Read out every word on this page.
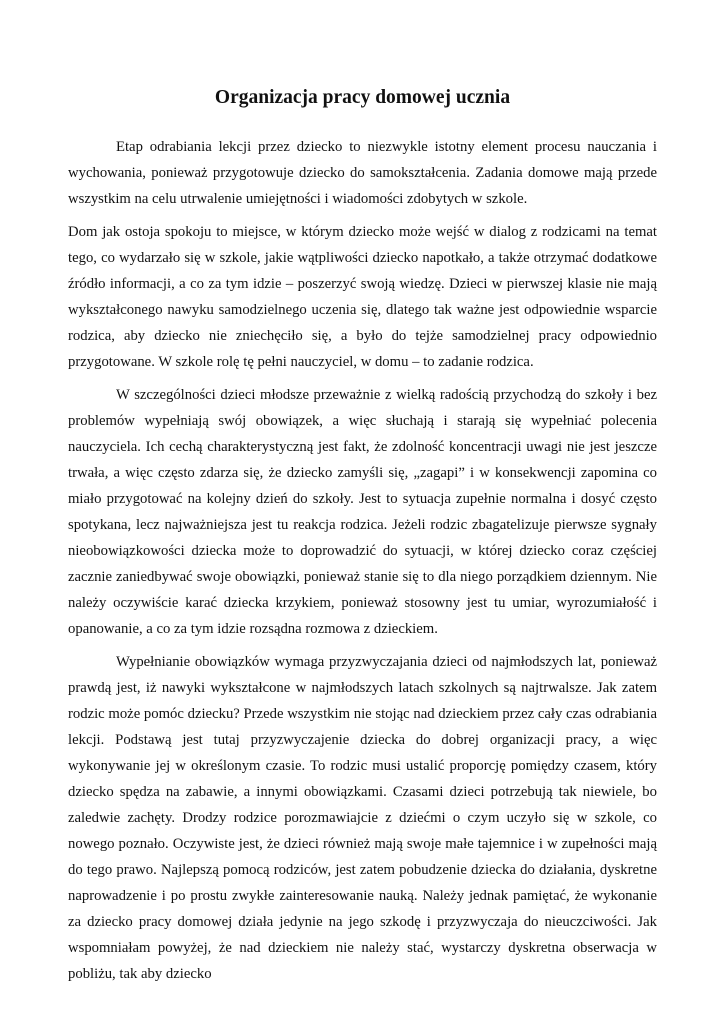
Organizacja pracy domowej ucznia

Etap odrabiania lekcji przez dziecko to niezwykle istotny element procesu nauczania i wychowania, ponieważ przygotowuje dziecko do samokształcenia. Zadania domowe mają przede wszystkim na celu utrwalenie umiejętności i wiadomości zdobytych w szkole.

Dom jak ostoja spokoju to miejsce, w którym dziecko może wejść w dialog z rodzicami na temat tego, co wydarzało się w szkole, jakie wątpliwości dziecko napotkało, a także otrzymać dodatkowe źródło informacji, a co za tym idzie – poszerzyć swoją wiedzę. Dzieci w pierwszej klasie nie mają wykształconego nawyku samodzielnego uczenia się, dlatego tak ważne jest odpowiednie wsparcie rodzica, aby dziecko nie zniechęciło się, a było do tejże samodzielnej pracy odpowiednio przygotowane. W szkole rolę tę pełni nauczyciel, w domu – to zadanie rodzica.

W szczególności dzieci młodsze przeważnie z wielką radością przychodzą do szkoły i bez problemów wypełniają swój obowiązek, a więc słuchają i starają się wypełniać polecenia nauczyciela. Ich cechą charakterystyczną jest fakt, że zdolność koncentracji uwagi nie jest jeszcze trwała, a więc często zdarza się, że dziecko zamyśli się, „zagapi” i w konsekwencji zapomina co miało przygotować na kolejny dzień do szkoły. Jest to sytuacja zupełnie normalna i dosyć często spotykana, lecz najważniejsza jest tu reakcja rodzica. Jeżeli rodzic zbagatelizuje pierwsze sygnały nieobowiązkowości dziecka może to doprowadzić do sytuacji, w której dziecko coraz częściej zacznie zaniedbywać swoje obowiązki, ponieważ stanie się to dla niego porządkiem dziennym. Nie należy oczywiście karać dziecka krzykiem, ponieważ stosowny jest tu umiar, wyrozumiałość i opanowanie, a co za tym idzie rozsądna rozmowa z dzieckiem.

Wypełnianie obowiązków wymaga przyzwyczajania dzieci od najmłodszych lat, ponieważ prawdą jest, iż nawyki wykształcone w najmłodszych latach szkolnych są najtrwalsze. Jak zatem rodzic może pomóc dziecku? Przede wszystkim nie stojąc nad dzieckiem przez cały czas odrabiania lekcji. Podstawą jest tutaj przyzwyczajenie dziecka do dobrej organizacji pracy, a więc wykonywanie jej w określonym czasie. To rodzic musi ustalić proporcję pomiędzy czasem, który dziecko spędza na zabawie, a innymi obowiązkami. Czasami dzieci potrzebują tak niewiele, bo zaledwie zachęty. Drodzy rodzice porozmawiajcie z dziećmi o czym uczyło się w szkole, co nowego poznało. Oczywiste jest, że dzieci również mają swoje małe tajemnice i w zupełności mają do tego prawo. Najlepszą pomocą rodziców, jest zatem pobudzenie dziecka do działania, dyskretne naprowadzenie i po prostu zwykłe zainteresowanie nauką. Należy jednak pamiętać, że wykonanie za dziecko pracy domowej działa jedynie na jego szkodę i przyzwyczaja do nieuczciwości. Jak wspomniałam powyżej, że nad dzieckiem nie należy stać, wystarczy dyskretna obserwacja w pobliżu, tak aby dziecko
